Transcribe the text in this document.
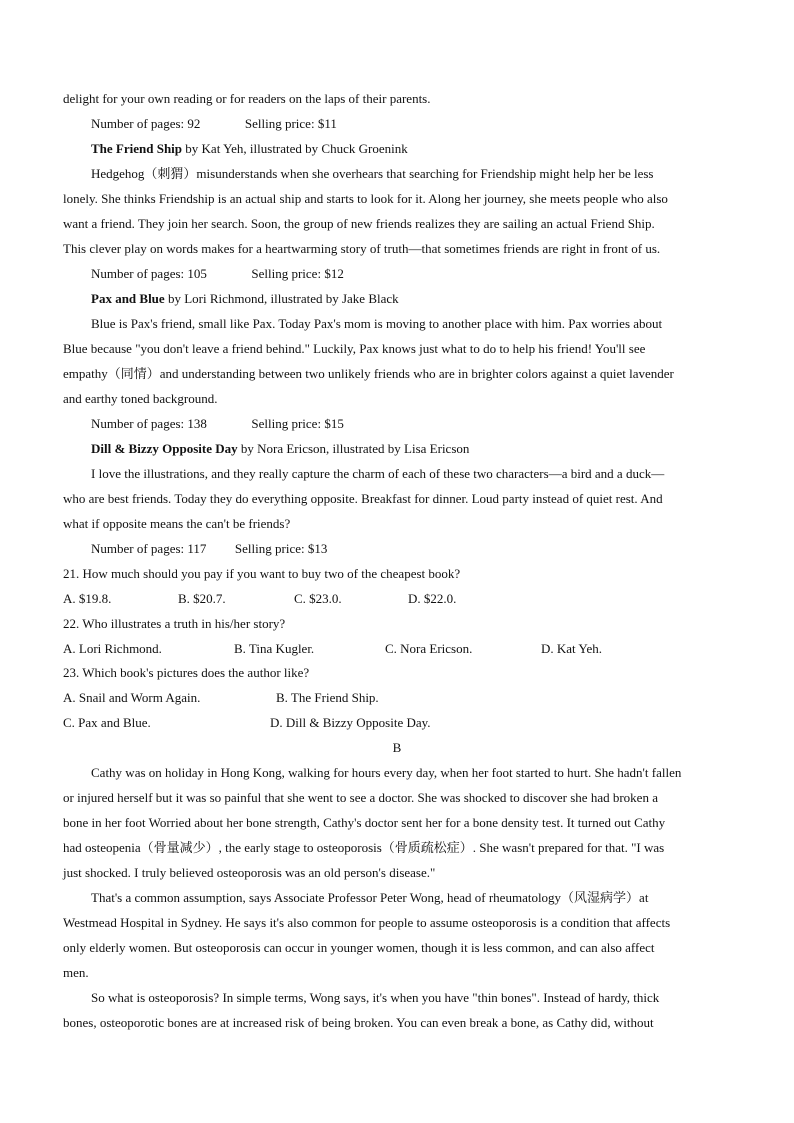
delight for your own reading or for readers on the laps of their parents.
Number of pages: 92	Selling price: $11
The Friend Ship by Kat Yeh, illustrated by Chuck Groenink
Hedgehog（刺猬）misunderstands when she overhears that searching for Friendship might help her be less
lonely. She thinks Friendship is an actual ship and starts to look for it. Along her journey, she meets people who also
want a friend. They join her search. Soon, the group of new friends realizes they are sailing an actual Friend Ship.
This clever play on words makes for a heartwarming story of truth—that sometimes friends are right in front of us.
Number of pages: 105	Selling price: $12
Pax and Blue by Lori Richmond, illustrated by Jake Black
Blue is Pax's friend, small like Pax. Today Pax's mom is moving to another place with him. Pax worries about
Blue because "you don't leave a friend behind." Luckily, Pax knows just what to do to help his friend! You'll see
empathy（同情）and understanding between two unlikely friends who are in brighter colors against a quiet lavender
and earthy toned background.
Number of pages: 138	Selling price: $15
Dill & Bizzy Opposite Day by Nora Ericson, illustrated by Lisa Ericson
I love the illustrations, and they really capture the charm of each of these two characters—a bird and a duck—
who are best friends. Today they do everything opposite. Breakfast for dinner. Loud party instead of quiet rest. And
what if opposite means the can't be friends?
Number of pages: 117 Selling price: $13
21. How much should you pay if you want to buy two of the cheapest book?
A. $19.8.	B. $20.7.	C. $23.0.	D. $22.0.
22. Who illustrates a truth in his/her story?
A. Lori Richmond.	B. Tina Kugler.	C. Nora Ericson.	D. Kat Yeh.
23. Which book's pictures does the author like?
A. Snail and Worm Again.	B. The Friend Ship.
C. Pax and Blue.	D. Dill & Bizzy Opposite Day.
B
Cathy was on holiday in Hong Kong, walking for hours every day, when her foot started to hurt. She hadn't fallen
or injured herself but it was so painful that she went to see a doctor. She was shocked to discover she had broken a
bone in her foot Worried about her bone strength, Cathy's doctor sent her for a bone density test. It turned out Cathy
had osteopenia（骨量减少）, the early stage to osteoporosis（骨质疏松症）. She wasn't prepared for that. "I was
just shocked. I truly believed osteoporosis was an old person's disease."
That's a common assumption, says Associate Professor Peter Wong, head of rheumatology（风湿病学）at
Westmead Hospital in Sydney. He says it's also common for people to assume osteoporosis is a condition that affects
only elderly women. But osteoporosis can occur in younger women, though it is less common, and can also affect
men.
So what is osteoporosis? In simple terms, Wong says, it's when you have "thin bones". Instead of hardy, thick
bones, osteoporotic bones are at increased risk of being broken. You can even break a bone, as Cathy did, without
